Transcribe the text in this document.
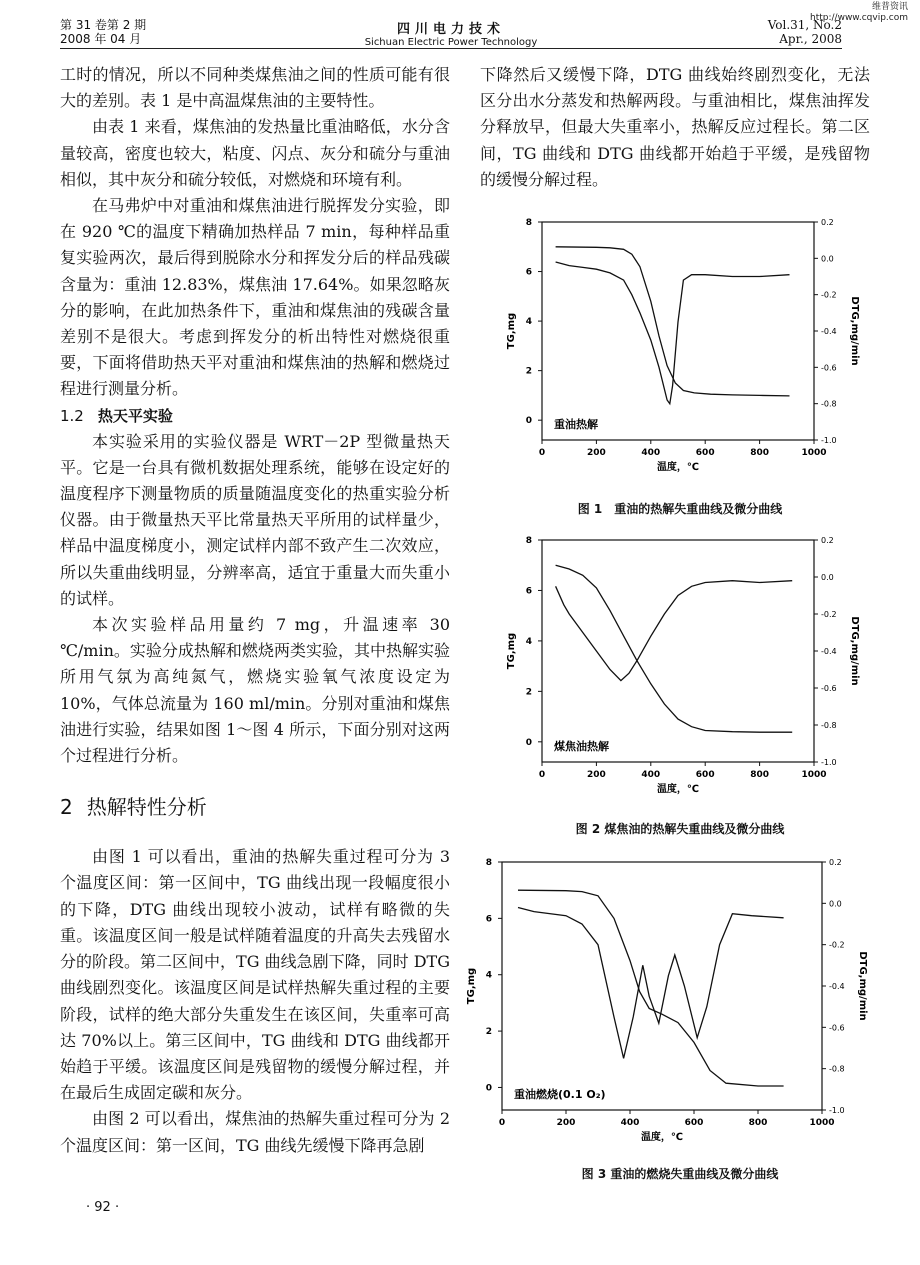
维普资讯
http://www.cqvip.com
第 31 卷第 2 期
2008 年 04 月
四川电力技术
Sichuan Electric Power Technology
Vol.31, No.2
Apr., 2008

工时的情况，所以不同种类煤焦油之间的性质可能有很大的差别。表 1 是中高温煤焦油的主要特性。

由表 1 来看，煤焦油的发热量比重油略低，水分含量较高，密度也较大，粘度、闪点、灰分和硫分与重油相似，其中灰分和硫分较低，对燃烧和环境有利。

在马弗炉中对重油和煤焦油进行脱挥发分实验，即在 920 ℃的温度下精确加热样品 7 min，每种样品重复实验两次，最后得到脱除水分和挥发分后的样品残碳含量为：重油 12.83%，煤焦油 17.64%。如果忽略灰分的影响，在此加热条件下，重油和煤焦油的残碳含量差别不是很大。考虑到挥发分的析出特性对燃烧很重要，下面将借助热天平对重油和煤焦油的热解和燃烧过程进行测量分析。

1.2 热天平实验

本实验采用的实验仪器是 WRT－2P 型微量热天平。它是一台具有微机数据处理系统，能够在设定好的温度程序下测量物质的质量随温度变化的热重实验分析仪器。由于微量热天平比常量热天平所用的试样量少，样品中温度梯度小，测定试样内部不致产生二次效应，所以失重曲线明显，分辨率高，适宜于重量大而失重小的试样。

本次实验样品用量约 7 mg，升温速率 30 ℃/min。实验分成热解和燃烧两类实验，其中热解实验所用气氛为高纯氮气，燃烧实验氧气浓度设定为 10%，气体总流量为 160 ml/min。分别对重油和煤焦油进行实验，结果如图 1～图 4 所示，下面分别对这两个过程进行分析。

2 热解特性分析

由图 1 可以看出，重油的热解失重过程可分为 3 个温度区间：第一区间中，TG 曲线出现一段幅度很小的下降，DTG 曲线出现较小波动，试样有略微的失重。该温度区间一般是试样随着温度的升高失去残留水分的阶段。第二区间中，TG 曲线急剧下降，同时 DTG 曲线剧烈变化。该温度区间是试样热解失重过程的主要阶段，试样的绝大部分失重发生在该区间，失重率可高达 70%以上。第三区间中，TG 曲线和 DTG 曲线都开始趋于平缓。该温度区间是残留物的缓慢分解过程，并在最后生成固定碳和灰分。

由图 2 可以看出，煤焦油的热解失重过程可分为 2 个温度区间：第一区间，TG 曲线先缓慢下降再急剧

· 92 ·

下降然后又缓慢下降，DTG 曲线始终剧烈变化，无法区分出水分蒸发和热解两段。与重油相比，煤焦油挥发分释放早，但最大失重率小，热解反应过程长。第二区间，TG 曲线和 DTG 曲线都开始趋于平缓，是残留物的缓慢分解过程。

0	200	400	600	800	1000
0
2
4
6
8	0.2
0.0
-0.2
-0.4
-0.6
-0.8
-1.0
温度，℃
TG,mg	DTG,mg/min
重油热解
图 1　重油的热解失重曲线及微分曲线
0	200	400	600	800	1000
0
2
4
6
8	0.2
0.0
-0.2
-0.4
-0.6
-0.8
-1.0
温度，℃
TG,mg	DTG,mg/min
煤焦油热解
图 2 煤焦油的热解失重曲线及微分曲线
0	200	400	600	800	1000
0
2
4
6
8	0.2
0.0
-0.2
-0.4
-0.6
-0.8
-1.0
温度，℃
TG,mg	DTG,mg/min
重油燃烧(0.1 O₂)
图 3 重油的燃烧失重曲线及微分曲线
